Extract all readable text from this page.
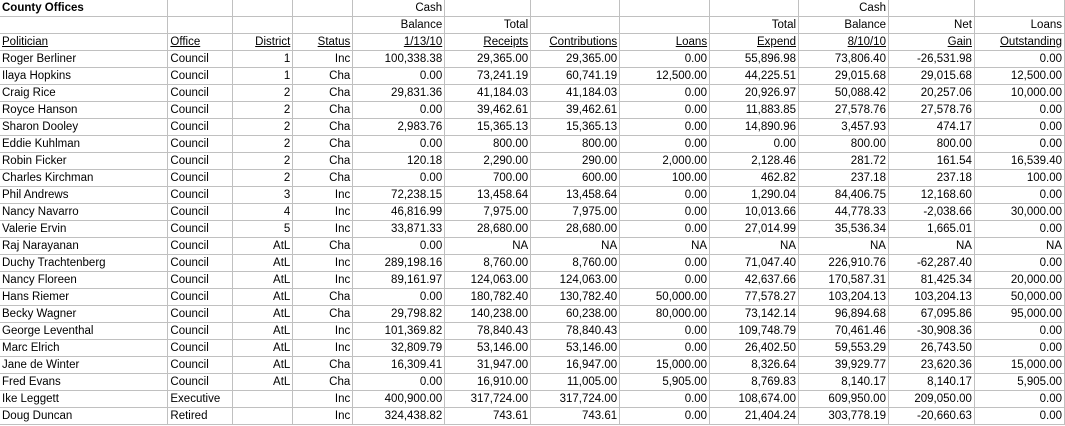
County Offices				Cash					Cash		
				Balance	Total			Total	Balance	Net	Loans
Politician	Office	District	Status	1/13/10	Receipts	Contributions	Loans	Expend	8/10/10	Gain	Outstanding
Roger Berliner	Council	1	Inc	100,338.38	29,365.00	29,365.00	0.00	55,896.98	73,806.40	-26,531.98	0.00
Ilaya Hopkins	Council	1	Cha	0.00	73,241.19	60,741.19	12,500.00	44,225.51	29,015.68	29,015.68	12,500.00
Craig Rice	Council	2	Cha	29,831.36	41,184.03	41,184.03	0.00	20,926.97	50,088.42	20,257.06	10,000.00
Royce Hanson	Council	2	Cha	0.00	39,462.61	39,462.61	0.00	11,883.85	27,578.76	27,578.76	0.00
Sharon Dooley	Council	2	Cha	2,983.76	15,365.13	15,365.13	0.00	14,890.96	3,457.93	474.17	0.00
Eddie Kuhlman	Council	2	Cha	0.00	800.00	800.00	0.00	0.00	800.00	800.00	0.00
Robin Ficker	Council	2	Cha	120.18	2,290.00	290.00	2,000.00	2,128.46	281.72	161.54	16,539.40
Charles Kirchman	Council	2	Cha	0.00	700.00	600.00	100.00	462.82	237.18	237.18	100.00
Phil Andrews	Council	3	Inc	72,238.15	13,458.64	13,458.64	0.00	1,290.04	84,406.75	12,168.60	0.00
Nancy Navarro	Council	4	Inc	46,816.99	7,975.00	7,975.00	0.00	10,013.66	44,778.33	-2,038.66	30,000.00
Valerie Ervin	Council	5	Inc	33,871.33	28,680.00	28,680.00	0.00	27,014.99	35,536.34	1,665.01	0.00
Raj Narayanan	Council	AtL	Cha	0.00	NA	NA	NA	NA	NA	NA	NA
Duchy Trachtenberg	Council	AtL	Inc	289,198.16	8,760.00	8,760.00	0.00	71,047.40	226,910.76	-62,287.40	0.00
Nancy Floreen	Council	AtL	Inc	89,161.97	124,063.00	124,063.00	0.00	42,637.66	170,587.31	81,425.34	20,000.00
Hans Riemer	Council	AtL	Cha	0.00	180,782.40	130,782.40	50,000.00	77,578.27	103,204.13	103,204.13	50,000.00
Becky Wagner	Council	AtL	Cha	29,798.82	140,238.00	60,238.00	80,000.00	73,142.14	96,894.68	67,095.86	95,000.00
George Leventhal	Council	AtL	Inc	101,369.82	78,840.43	78,840.43	0.00	109,748.79	70,461.46	-30,908.36	0.00
Marc Elrich	Council	AtL	Inc	32,809.79	53,146.00	53,146.00	0.00	26,402.50	59,553.29	26,743.50	0.00
Jane de Winter	Council	AtL	Cha	16,309.41	31,947.00	16,947.00	15,000.00	8,326.64	39,929.77	23,620.36	15,000.00
Fred Evans	Council	AtL	Cha	0.00	16,910.00	11,005.00	5,905.00	8,769.83	8,140.17	8,140.17	5,905.00
Ike Leggett	Executive		Inc	400,900.00	317,724.00	317,724.00	0.00	108,674.00	609,950.00	209,050.00	0.00
Doug Duncan	Retired		Inc	324,438.82	743.61	743.61	0.00	21,404.24	303,778.19	-20,660.63	0.00
